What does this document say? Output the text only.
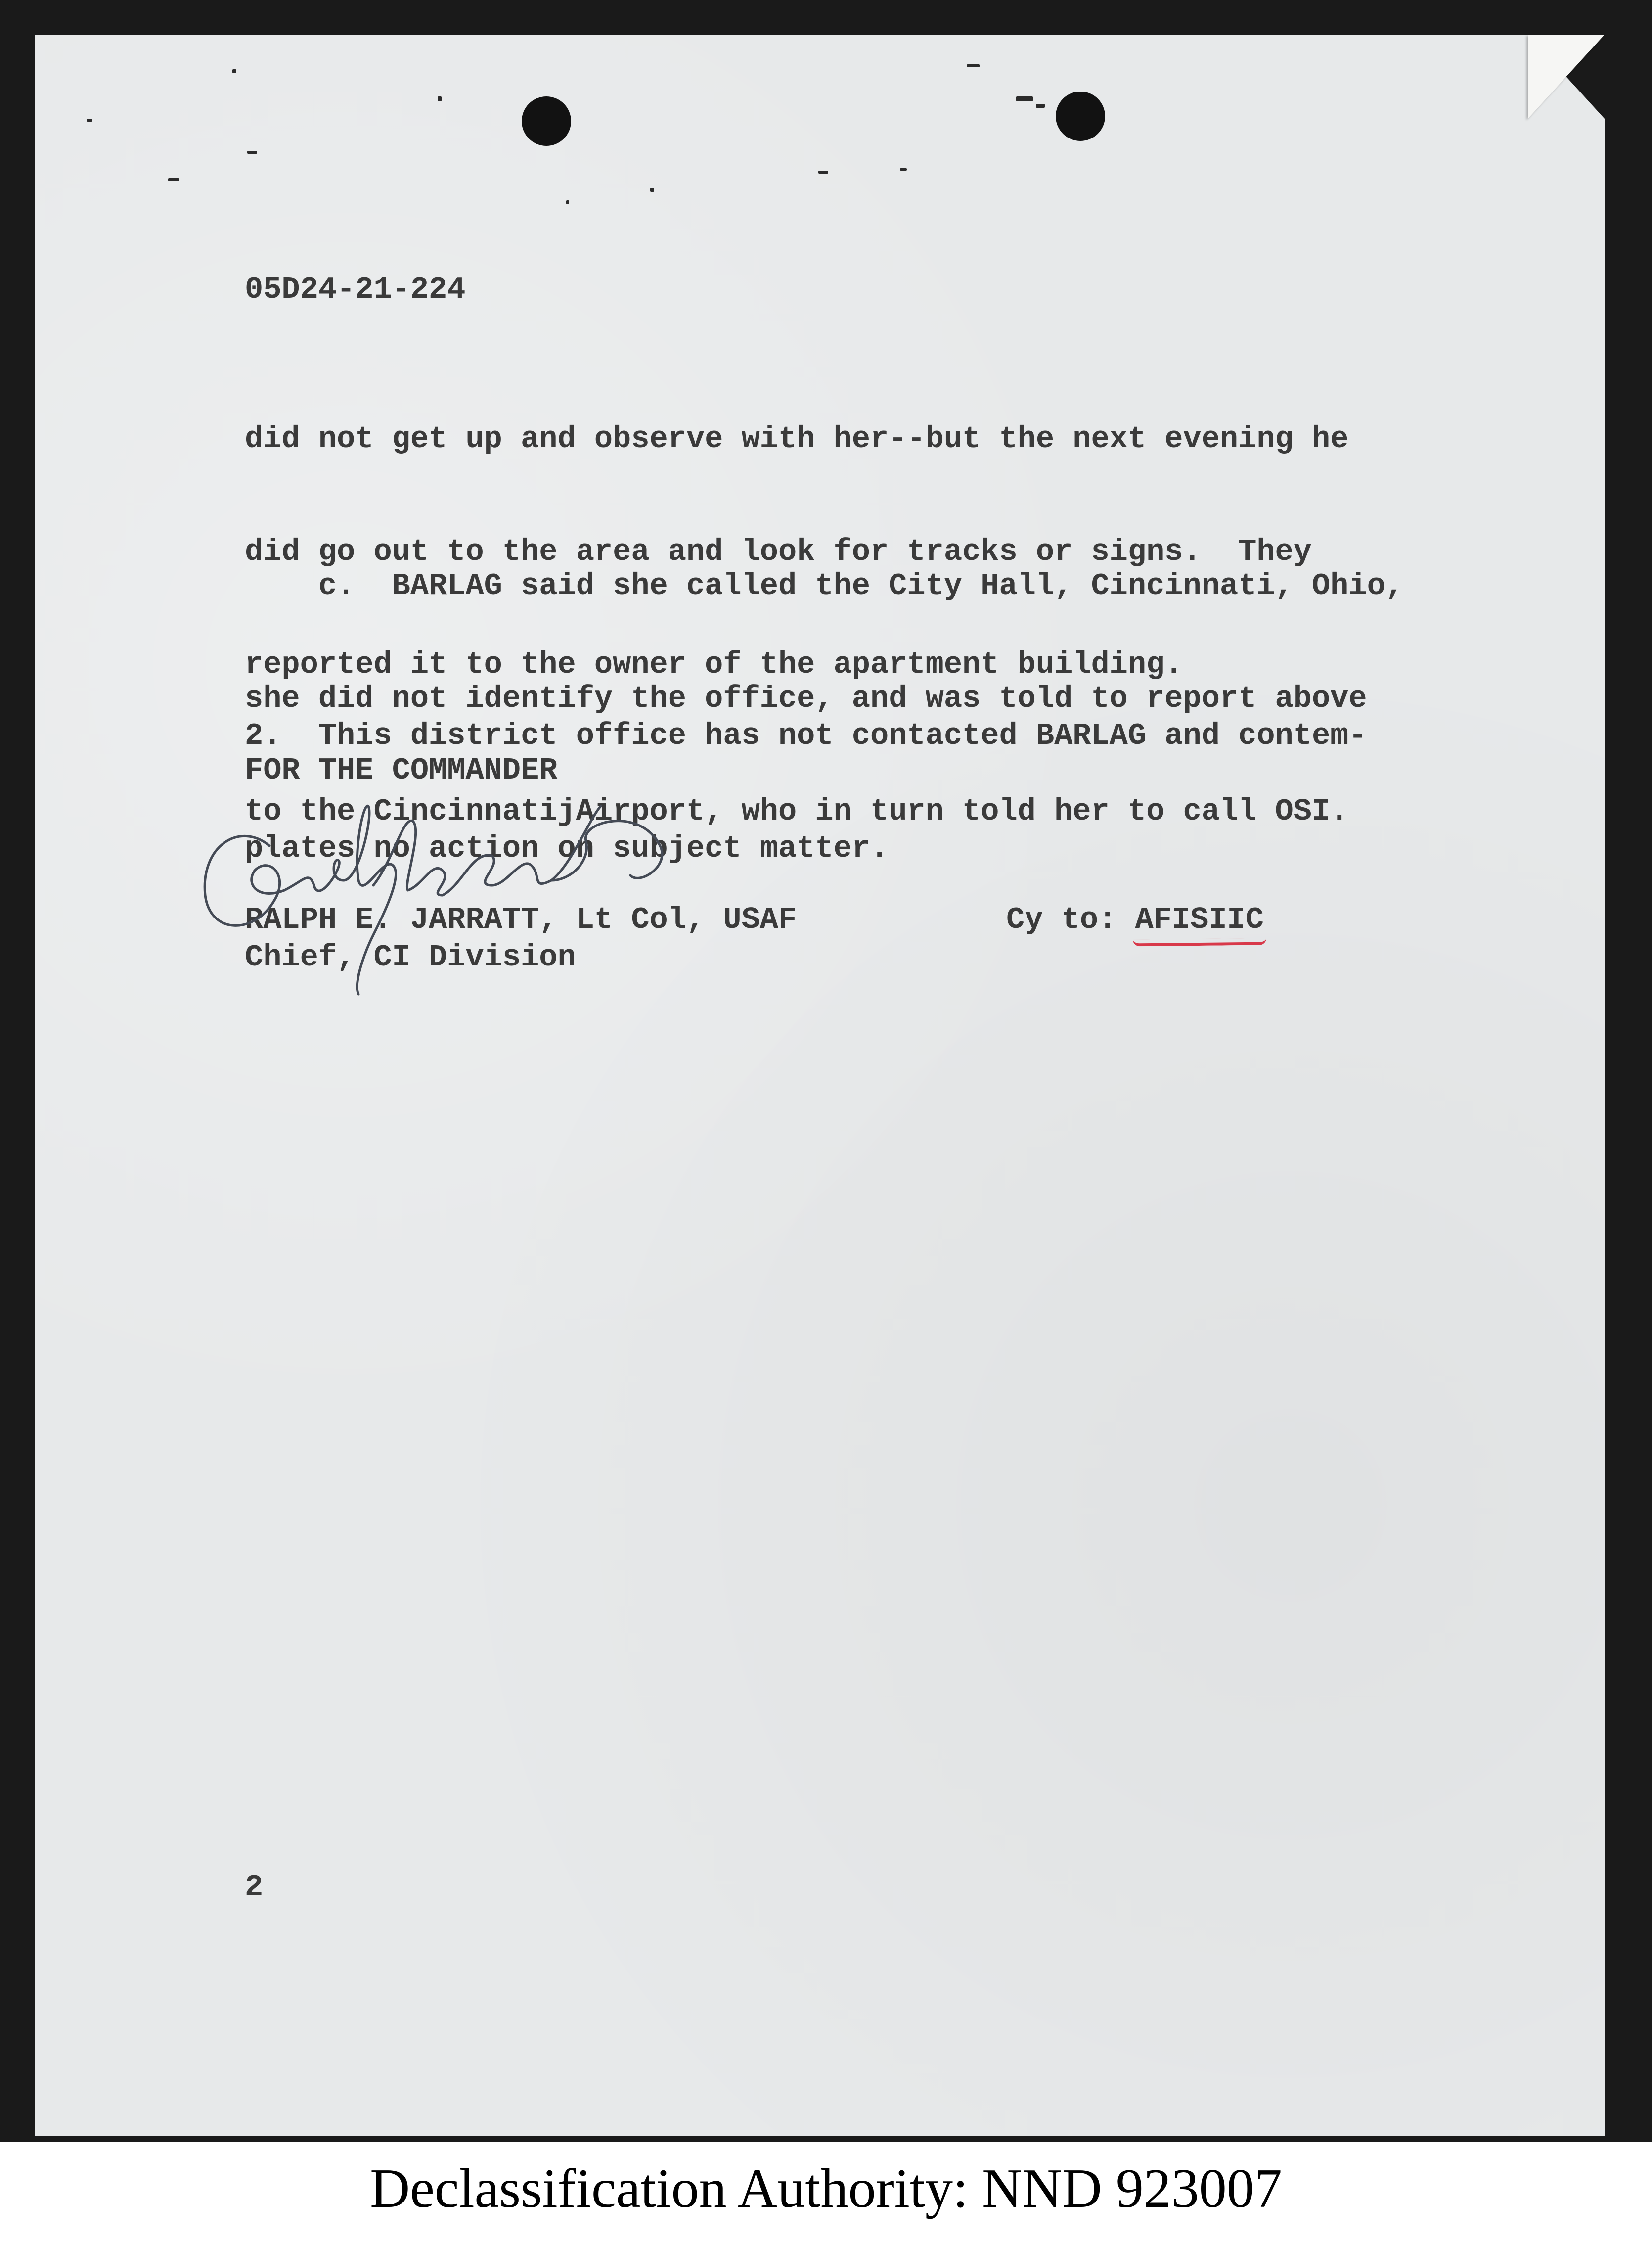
05D24-21-224

did not get up and observe with her--but the next evening he

did go out to the area and look for tracks or signs.  They

reported it to the owner of the apartment building.

c.  BARLAG said she called the City Hall, Cincinnati, Ohio,

she did not identify the office, and was told to report above

to the CincinnatijAirport, who in turn told her to call OSI.

2.  This district office has not contacted BARLAG and contem-

plates no action on subject matter.

FOR THE COMMANDER
RALPH E. JARRATT, Lt Col, USAF
Chief, CI Division
Cy to: AFISIIC
2
Declassification Authority: NND 923007
